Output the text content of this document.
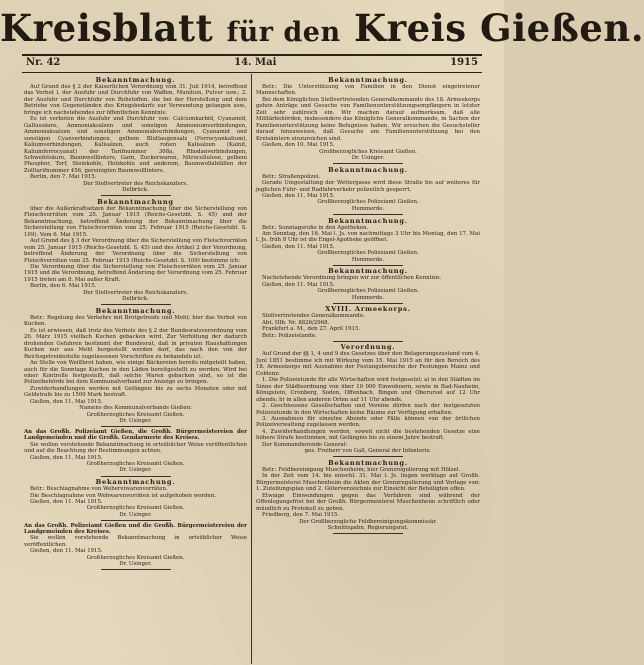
Kreisblatt für den Kreis Gießen.
Nr. 42	14. Mai	1915
Bekanntmachung.

Auf Grund des § 2 der Kaiserlichen Verordnung vom 31. Juli 1914, betreffend das Verbot l. der Ausfuhr und Durchfuhr von Waffen, Munition, Pulver usw.; 2. der Ausfuhr und Durchfuhr von Rohstoffen, die bei der Herstellung und dem Betriebe von Gegenständen des Kriegsbedarfs zur Verwendung gelangen usw., bringe ich nachstehendes zur öffentlichen Kenntnis:

Es ist verboten die Ausfuhr und Durchfuhr von: Calciumkarbid, Cyanamid, Gallussäure, Ammoniaksalzen und sonstigen Ammoniumverbindungen, Ammoniaksalzen und sonstigen Ammoniakverbindungen, Cyanamid und sonstigen Cyanverbindungen, gelbem Blutlaugensalz (Ferrocyankalium), Kaliumverbindungen, Kalisalzen, auch rohen Kalisalzen (Kainit, Kaliumferrocyanat) der Tarifnummer 308a, Rhodanverbindungen, Schwefelsäure, Baumwolllinters, Garn, Zuckerwaren, Nitrocellulose, gelbem Phosphor, Torf, Steinkohle, Holzkohle und anderem, Baumwollabfällen der Zolltarifnummer 456, gereinigten Baumwolllinters.

Berlin, den 7. Mai 1915.

Der Stellvertreter des Reichskanzlers.
Delbrück.
Bekanntmachung

über die Außerkraftsetzen der Bekanntmachung über die Sicherstellung von Fleischvorräten vom 25. Januar 1915 (Reichs-Gesetzbl. S. 45) und der Bekanntmachung, betreffend Änderung der Bekanntmachung über die Sicherstellung von Fleischvorräten vom 25. Februar 1915 (Reichs-Gesetzbl. S. 109). Vom 6. Mai 1915.

Auf Grund des § 3 der Verordnung über die Sicherstellung von Fleischvorräten vom 25. Januar 1915 (Reichs-Gesetzbl. S. 45) und des Artikel 2 der Verordnung, betreffend Änderung der Verordnung über die Sicherstellung von Fleischvorräten vom 25. Februar 1915 (Reichs-Gesetzbl. S. 109) bestimme ich:

Die Verordnung über die Sicherstellung von Fleischvorräten vom 25. Januar 1915 und die Verordnung, betreffend Änderung der Verordnung vom 25. Februar 1915 treten am 8. Mai außer Kraft.

Berlin, den 6. Mai 1915.

Der Stellvertreter des Reichskanzlers.
Delbrück.
Bekanntmachung.

Betr.: Regelung des Verkehrs mit Brotgetreide und Mehl; hier das Verbot von Kuchen.

Es ist erwiesen, daß trotz des Verbots des § 2 der Bundesratsverordnung vom 26. März 1915 vielfach Kuchen gebacken wird. Zur Verhütung der dadurch drohenden Gefahren bestimmt der Bundesrat, daß in privaten Haushaltungen Kuchen nur aus Mehl hergestellt werden darf, das nach den von der Reichsgetreidestelle zugelassenen Vorschriften zu behandeln ist.

An Stelle von Weißbrot haben, wie einige Bäckereien bereits mitgeteilt haben, auch für die Sonntage Kuchen in den Läden bereitgestellt zu werden. Wird bei einer Kontrolle festgestellt, daß solche Waren gebacken sind, so ist die Polizeibehörde bei dem Kommunalverband zur Anzeige zu bringen.

Zuwiderhandlungen werden mit Gefängnis bis zu sechs Monaten oder mit Geldstrafe bis zu 1500 Mark bestraft.

Gießen, den 11. Mai 1915.

Namens des Kommunalverbands Gießen:
Großherzogliches Kreisamt Gießen.
Dr. Usinger.
An das Großh. Polizeiamt Gießen, die Großh. Bürgermeistereien der Landgemeinden und die Großh. Gendarmerie des Kreises.

Sie wollen vorstehende Bekanntmachung in ortsüblicher Weise veröffentlichen und auf die Beachtung der Bestimmungen achten.

Gießen, den 11. Mai 1915.

Großherzogliches Kreisamt Gießen.
Dr. Usinger.
Bekanntmachung.

Betr.: Beschlagnahme von Webereiwarenvorräten.

Die Beschlagnahme von Webwarenvorräten ist aufgehoben worden.

Gießen, den 11. Mai 1915.

Großherzogliches Kreisamt Gießen.
Dr. Usinger.
An das Großh. Polizeiamt Gießen und die Großh. Bürgermeistereien der Landgemeinden des Kreises.

Sie wollen vorstehende Bekanntmachung in ortsüblicher Weise veröffentlichen.

Gießen, den 11. Mai 1915.

Großherzogliches Kreisamt Gießen.
Dr. Usinger.
Bekanntmachung.

Betr.: Die Unterstützung von Familien in den Dienst eingetretener Mannschaften.

Bei dem Königlichen Stellvertretenden Generalkommando des 18. Armeekorps gehen Anträge und Gesuche von Familienunterstützungsempfängern in letzter Zeit sehr zahlreich ein. Wir machen darauf aufmerksam, daß alle Militärbehörden, insbesondere das Königliche Generalkommando, in Sachen der Familienunterstützung keine Befugnisse haben. Wir ersuchen die Gesuchsteller darauf hinzuweisen, daß Gesuche um Familienunterstützung bei den Kreisämtern einzureichen sind.

Gießen, den 10. Mai 1915.

Großherzogliches Kreisamt Gießen.
Dr. Usinger.
Bekanntmachung.

Betr.: Straßenpolizei.

Gerade Umgestaltung der Wettergasse wird diese Straße bis auf weiteres für jeglichen Fuhr- und Radfahrverkehr polizeilich gesperrt.

Gießen, den 11. Mai 1915.

Großherzogliches Polizeiamt Gießen.
Hemmerde.
Bekanntmachung.

Betr.: Sonntagsruhe in den Apotheken.

Am Sonntag, den 16. Mai l. Js. von nachmittags 3 Uhr bis Montag, den 17. Mai l. Js. früh 8 Uhr ist die Engel-Apotheke geöffnet.

Gießen, den 11. Mai 1915.

Großherzogliches Polizeiamt Gießen.
Hemmerde.
Bekanntmachung.

Nachstehende Verordnung bringen wir zur öffentlichen Kenntnis.

Gießen, den 11. Mai 1915.

Großherzogliches Polizeiamt Gießen.
Hemmerde.
XVIII. Armeekorps.

Stellvertretendes Generalkommando.

Abt. IIIb. Nr. 8826/2968.

Frankfurt a. M., den 27. April 1915.

Betr.: Polizeistunde.

Verordnung.

Auf Grund der §§ 1, 4 und 9 des Gesetzes über den Belagerungszustand vom 4. Juni 1851 bestimme ich mit Wirkung vom 15. Mai 1915 an für den Bereich des 18. Armeekorps mit Ausnahme der Festungsbereiche der Festungen Mainz und Coblenz:

1. Die Polizeistunde für alle Wirtschaften wird festgesetzt: a) in den Städten im Sinne der Städteordnung von über 10 000 Einwohnern, sowie in Bad-Nauheim, Königstein, Cronberg, Soden, Offenbach, Bingen und Oberursel auf 12 Uhr abends; b) in allen anderen Orten auf 11 Uhr abends.

2. Geschlossene Gesellschaften und Vereine dürfen nach der festgesetzten Polizeistunde in den Wirtschaften keine Räume zur Verfügung erhalten.

3. Ausnahmen für einzelne Abende oder Fälle können von der örtlichen Polizeiverwaltung zugelassen werden.

4. Zuwiderhandlungen werden, soweit nicht die bestehenden Gesetze eine höhere Strafe bestimmen, mit Gefängnis bis zu einem Jahre bestraft.

Der Kommandierende General:

gez. Freiherr von Gall, General der Infanterie.
Bekanntmachung.

Betr.: Feldbereinigung Muschenheim; hier Grenzregulierung mit Hölzel.

In der Zeit vom 14. bis einschl. 31. Mai l. Js. liegen werktags auf Großh. Bürgermeisterei Muschenheim die Akten der Grenzregulierung und Vorlage von: 1. Zuteilungsplan und 2. Güterverzeichnis zur Einsicht der Beteiligten offen.

Etwaige Einwendungen gegen das Verfahren sind während der Offenlegungsfrist bei der Großh. Bürgermeisterei Muschenheim schriftlich oder mündlich zu Protokoll zu geben.

Friedberg, den 7. Mai 1915.

Der Großherzogliche Feldbereinigungskommissär.
Schnittspahn, Regierungsrat.
